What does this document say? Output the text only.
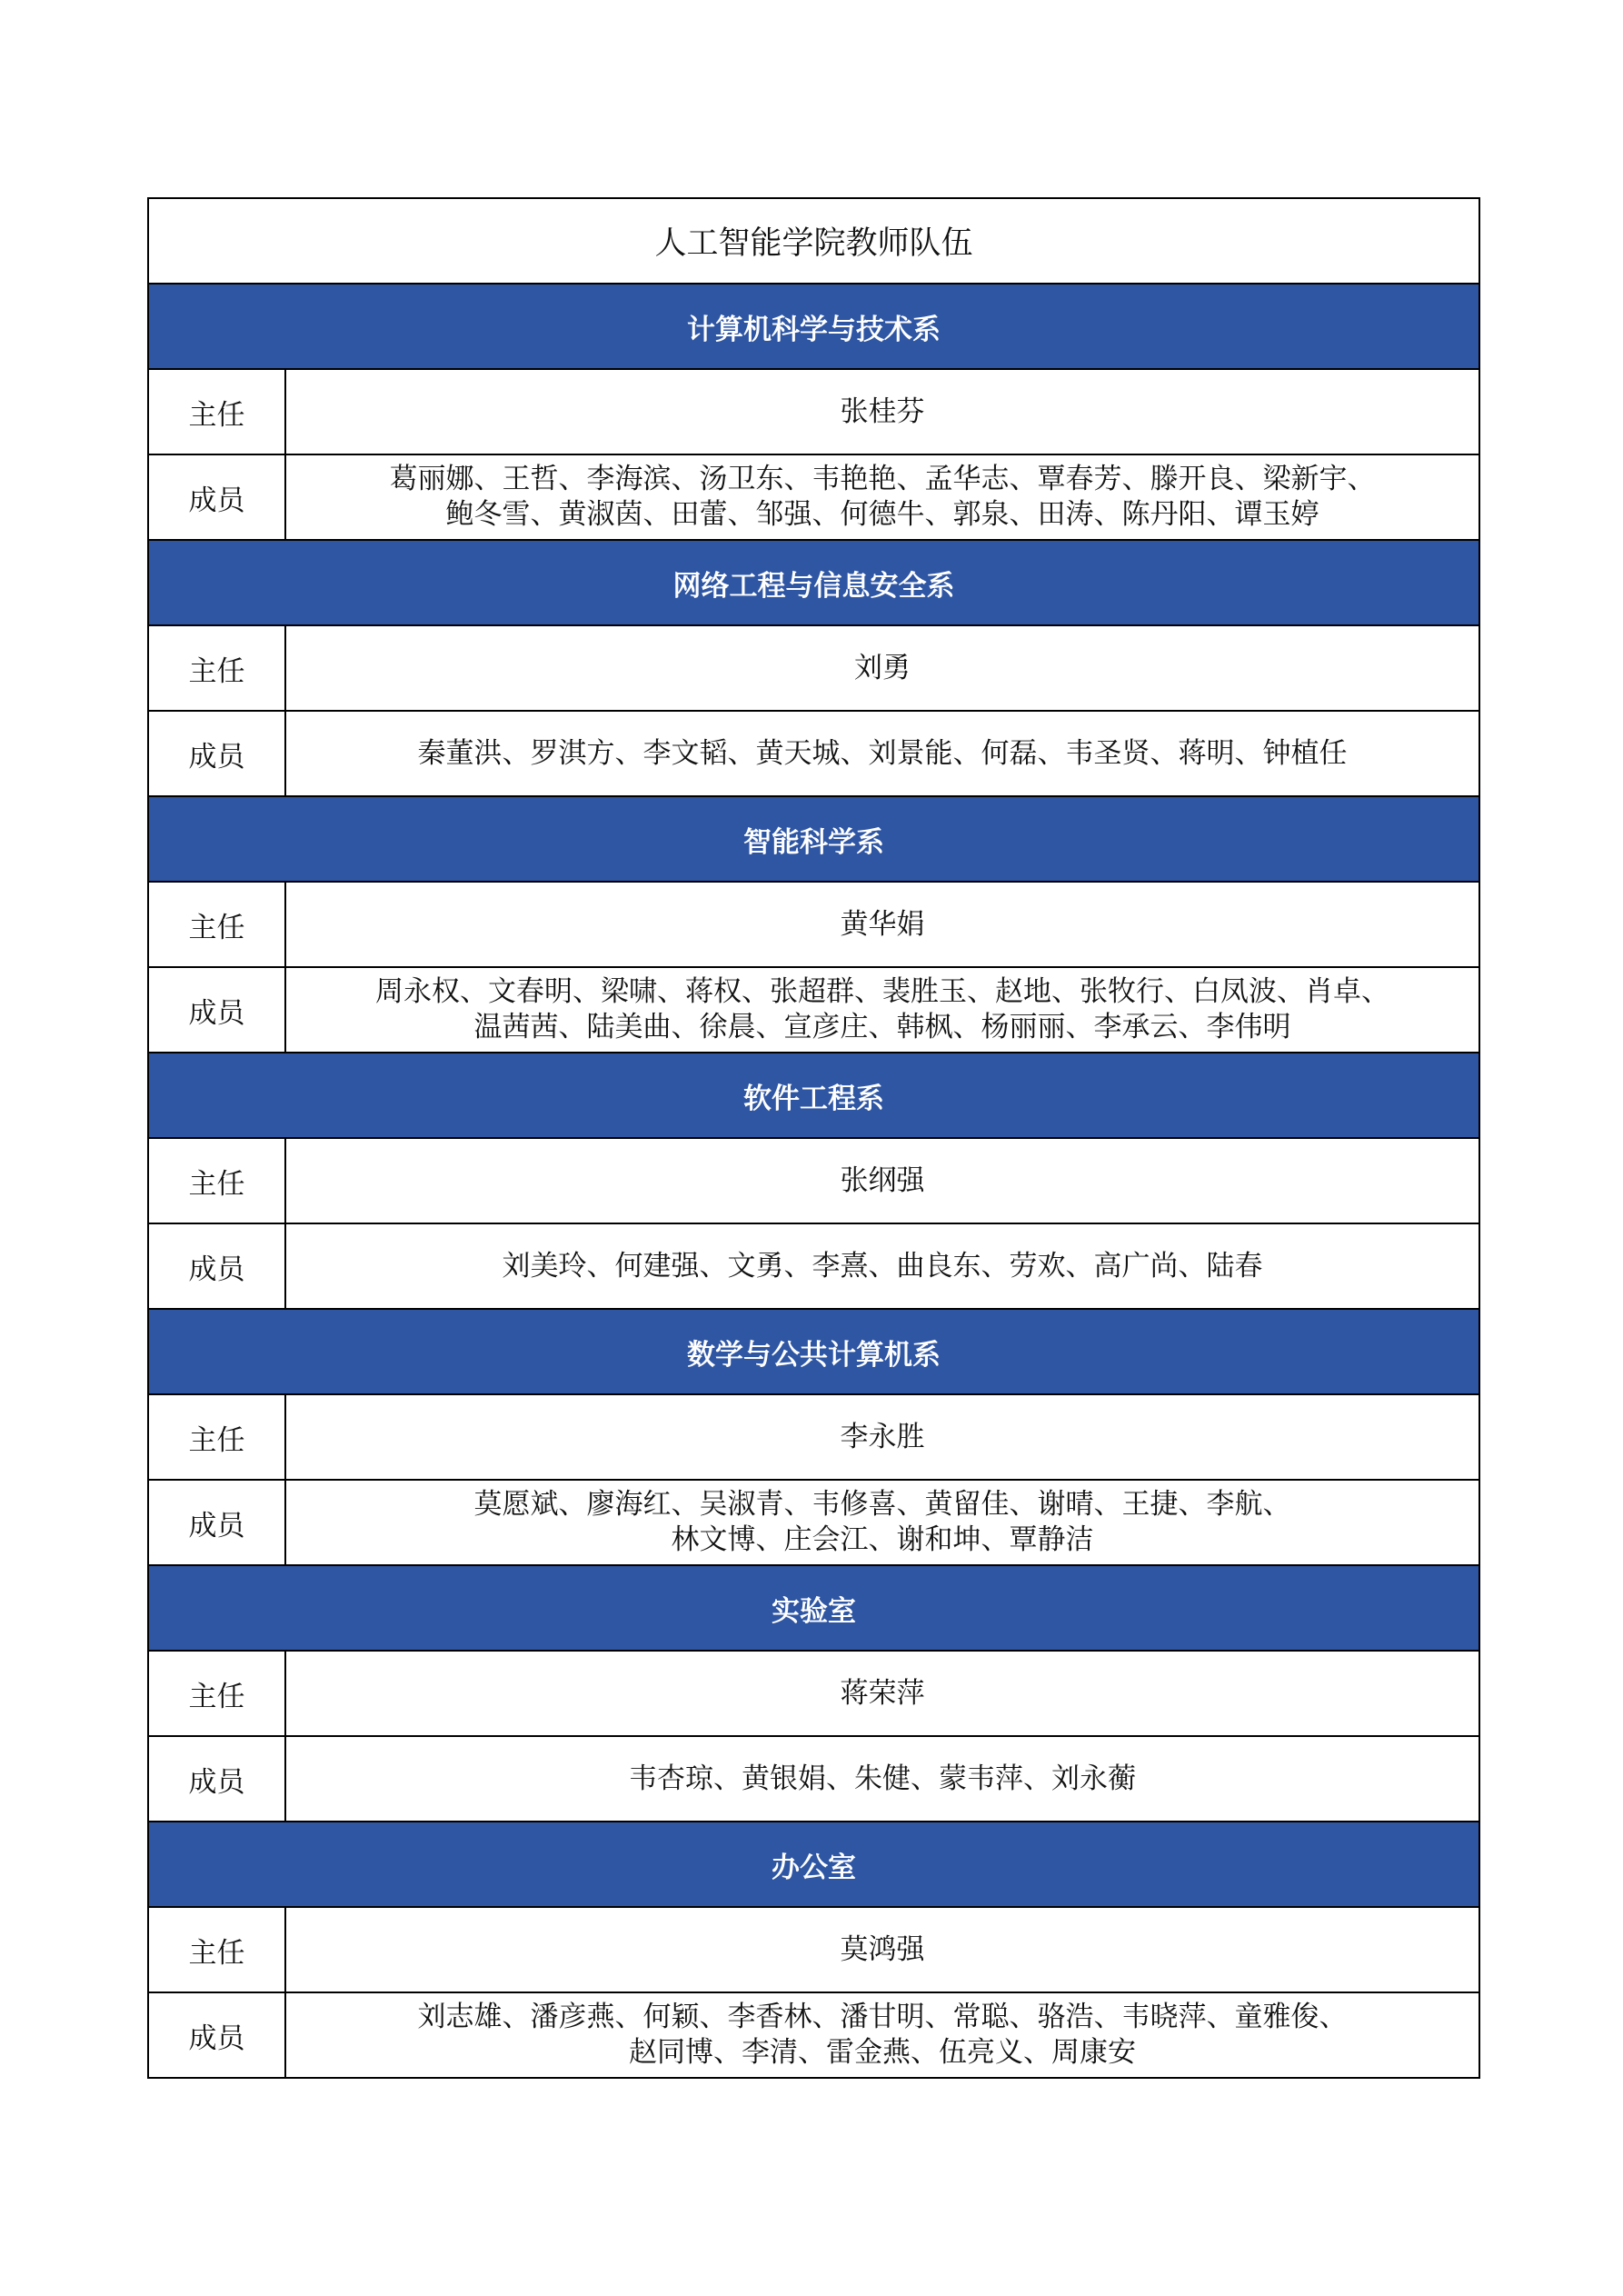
人工智能学院教师队伍	
计算机科学与技术系	
主任	张桂芬
成员	葛丽娜、王哲、李海滨、汤卫东、韦艳艳、孟华志、覃春芳、滕开良、梁新宇、
鲍冬雪、黄淑茵、田蕾、邹强、何德牛、郭泉、田涛、陈丹阳、谭玉婷

网络工程与信息安全系	
主任	刘勇
成员	秦董洪、罗淇方、李文韬、黄天城、刘景能、何磊、韦圣贤、蒋明、钟植任

智能科学系	
主任	黄华娟
成员	周永权、文春明、梁啸、蒋权、张超群、裴胜玉、赵地、张牧行、白凤波、肖卓、
温茜茜、陆美曲、徐晨、宣彦庄、韩枫、杨丽丽、李承云、李伟明

软件工程系	
主任	张纲强
成员	刘美玲、何建强、文勇、李熹、曲良东、劳欢、高广尚、陆春

数学与公共计算机系	
主任	李永胜
成员	莫愿斌、廖海红、吴淑青、韦修喜、黄留佳、谢晴、王捷、李航、
林文博、庄会江、谢和坤、覃静洁

实验室	
主任	蒋荣萍
成员	韦杏琼、黄银娟、朱健、蒙韦萍、刘永蘅

办公室	
主任	莫鸿强
成员	刘志雄、潘彦燕、何颖、李香林、潘甘明、常聪、骆浩、韦晓萍、童雅俊、
赵同博、李清、雷金燕、伍亮义、周康安
